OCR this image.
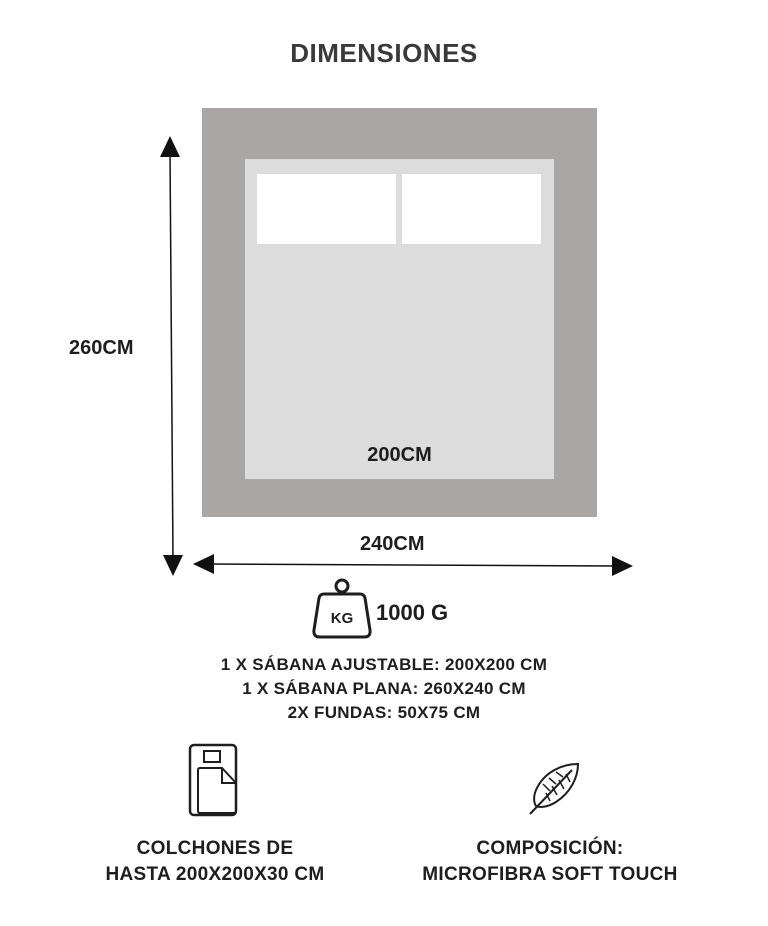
DIMENSIONES
200CM
260CM
240CM
KG 1000 G
1 X SÁBANA AJUSTABLE: 200X200 CM
1 X SÁBANA PLANA: 260X240 CM
2X FUNDAS: 50X75 CM
COLCHONES DE
HASTA 200X200X30 CM
COMPOSICIÓN:
MICROFIBRA SOFT TOUCH
